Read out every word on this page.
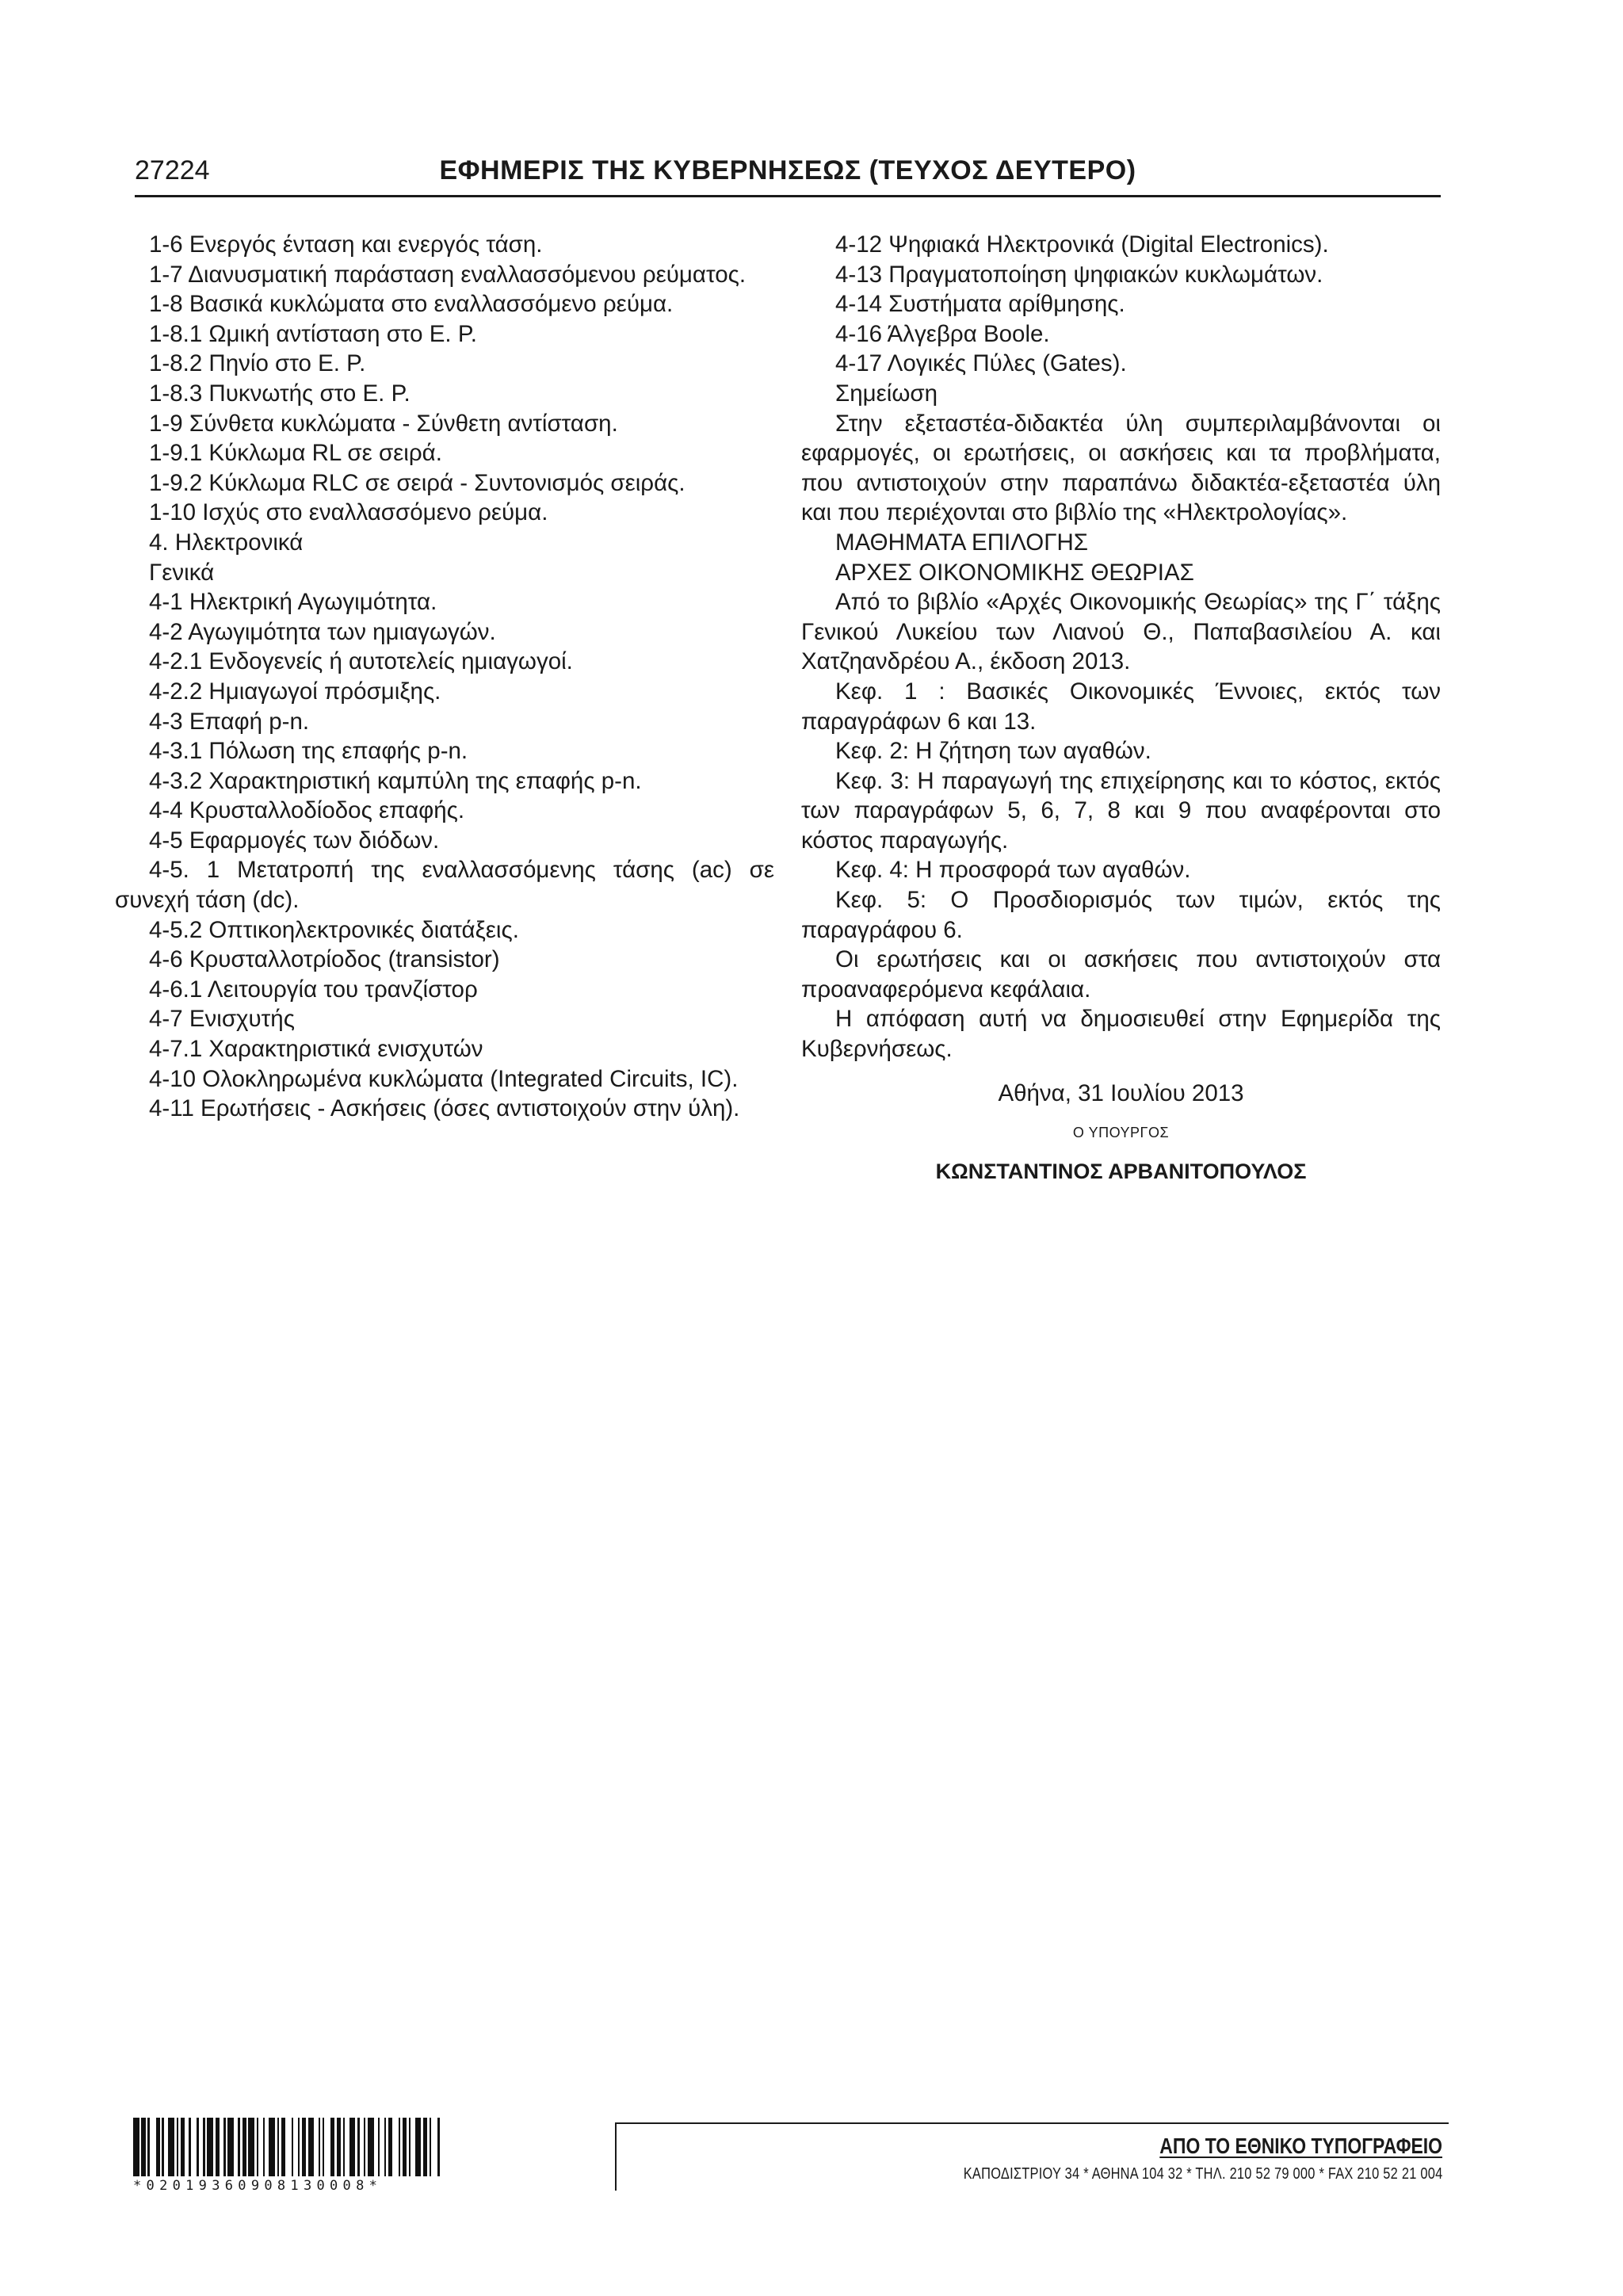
27224	ΕΦΗΜΕΡΙΣ ΤΗΣ ΚΥΒΕΡΝΗΣΕΩΣ (ΤΕΥΧΟΣ ΔΕΥΤΕΡΟ)

1-6 Ενεργός ένταση και ενεργός τάση.

1-7 Διανυσματική παράσταση εναλλασσόμενου ρεύματος.

1-8 Βασικά κυκλώματα στο εναλλασσόμενο ρεύμα.

1-8.1 Ωμική αντίσταση στο Ε. Ρ.

1-8.2 Πηνίο στο Ε. Ρ.

1-8.3 Πυκνωτής στο Ε. Ρ.

1-9 Σύνθετα κυκλώματα - Σύνθετη αντίσταση.

1-9.1 Κύκλωμα RL σε σειρά.

1-9.2 Κύκλωμα RLC σε σειρά - Συντονισμός σειράς.

1-10 Ισχύς στο εναλλασσόμενο ρεύμα.

4. Ηλεκτρονικά

Γενικά

4-1 Ηλεκτρική Αγωγιμότητα.

4-2 Αγωγιμότητα των ημιαγωγών.

4-2.1 Ενδογενείς ή αυτοτελείς ημιαγωγοί.

4-2.2 Ημιαγωγοί πρόσμιξης.

4-3 Επαφή p-n.

4-3.1 Πόλωση της επαφής p-n.

4-3.2 Χαρακτηριστική καμπύλη της επαφής p-n.

4-4 Κρυσταλλοδίοδος επαφής.

4-5 Εφαρμογές των διόδων.

4-5. 1 Μετατροπή της εναλλασσόμενης τάσης (ac) σε συνεχή τάση (dc).

4-5.2 Οπτικοηλεκτρονικές διατάξεις.

4-6 Κρυσταλλοτρίοδος (transistor)

4-6.1 Λειτουργία του τρανζίστορ

4-7 Ενισχυτής

4-7.1 Χαρακτηριστικά ενισχυτών

4-10 Ολοκληρωμένα κυκλώματα (Integrated Circuits, IC).

4-11 Ερωτήσεις - Ασκήσεις (όσες αντιστοιχούν στην ύλη).

4-12 Ψηφιακά Ηλεκτρονικά (Digital Electronics).

4-13 Πραγματοποίηση ψηφιακών κυκλωμάτων.

4-14 Συστήματα αρίθμησης.

4-16 Άλγεβρα Boole.

4-17 Λογικές Πύλες (Gates).

Σημείωση

Στην εξεταστέα-διδακτέα ύλη συμπεριλαμβάνονται οι εφαρμογές, οι ερωτήσεις, οι ασκήσεις και τα προβλήματα, που αντιστοιχούν στην παραπάνω διδακτέα-εξεταστέα ύλη και που περιέχονται στο βιβλίο της «Ηλεκτρολογίας».

ΜΑΘΗΜΑΤΑ ΕΠΙΛΟΓΗΣ

ΑΡΧΕΣ ΟΙΚΟΝΟΜΙΚΗΣ ΘΕΩΡΙΑΣ

Από το βιβλίο «Αρχές Οικονομικής Θεωρίας» της Γ΄ τάξης Γενικού Λυκείου των Λιανού Θ., Παπαβασιλείου Α. και Χατζηανδρέου Α., έκδοση 2013.

Κεφ. 1 : Βασικές Οικονομικές Έννοιες, εκτός των παραγράφων 6 και 13.

Κεφ. 2: Η ζήτηση των αγαθών.

Κεφ. 3: Η παραγωγή της επιχείρησης και το κόστος, εκτός των παραγράφων 5, 6, 7, 8 και 9 που αναφέρονται στο κόστος παραγωγής.

Κεφ. 4: Η προσφορά των αγαθών.

Κεφ. 5: Ο Προσδιορισμός των τιμών, εκτός της παραγράφου 6.

Οι ερωτήσεις και οι ασκήσεις που αντιστοιχούν στα προαναφερόμενα κεφάλαια.

Η απόφαση αυτή να δημοσιευθεί στην Εφημερίδα της Κυβερνήσεως.

Αθήνα, 31 Ιουλίου 2013

Ο ΥΠΟΥΡΓΟΣ

ΚΩΝΣΤΑΝΤΙΝΟΣ ΑΡΒΑΝΙΤΟΠΟΥΛΟΣ

*02019360908130008*
ΑΠΟ ΤΟ ΕΘΝΙΚΟ ΤΥΠΟΓΡΑΦΕΙΟ
ΚΑΠΟΔΙΣΤΡΙΟΥ 34 * ΑΘΗΝΑ 104 32 * ΤΗΛ. 210 52 79 000 * FAX 210 52 21 004
